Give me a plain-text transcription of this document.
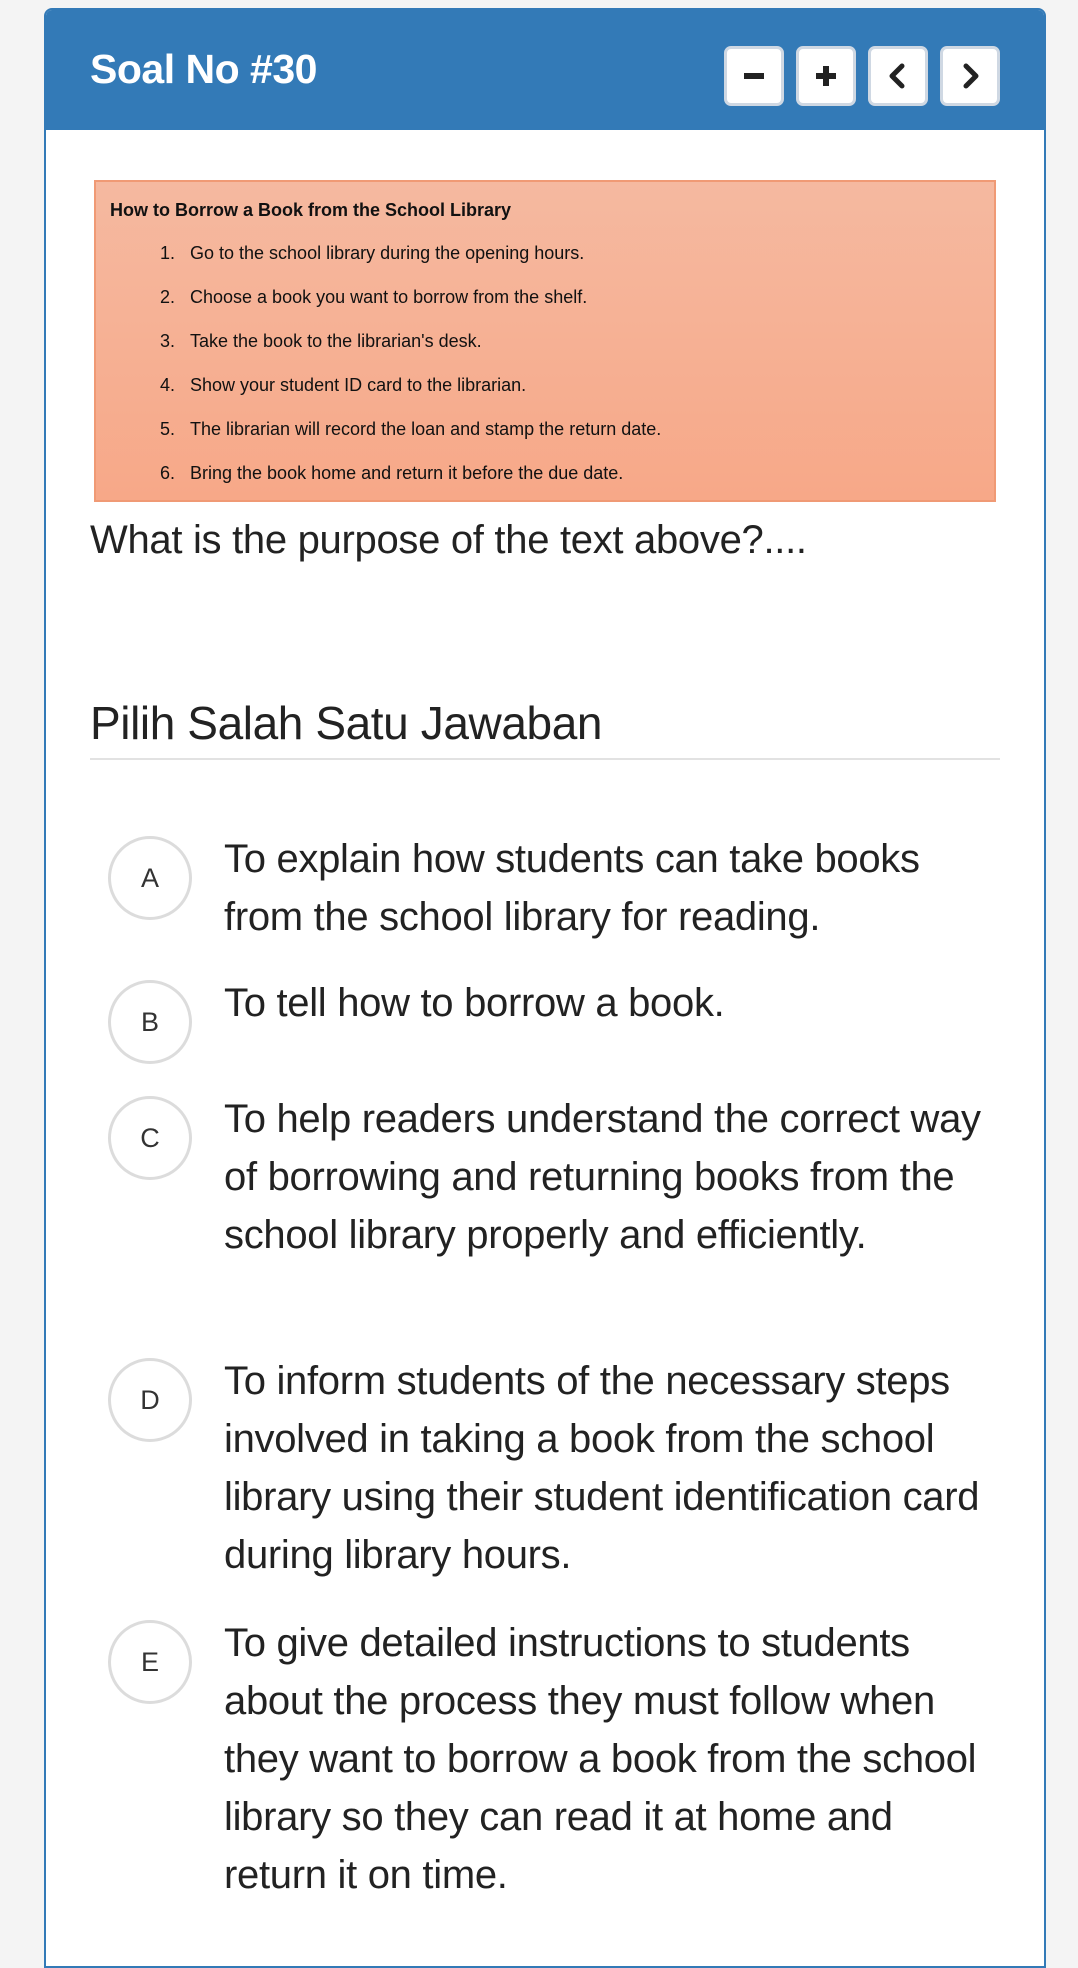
Soal No #30
How to Borrow a Book from the School Library
1. Go to the school library during the opening hours.
2. Choose a book you want to borrow from the shelf.
3. Take the book to the librarian's desk.
4. Show your student ID card to the librarian.
5. The librarian will record the loan and stamp the return date.
6. Bring the book home and return it before the due date.
What is the purpose of the text above?....
Pilih Salah Satu Jawaban
A	To explain how students can take books from the school library for reading.
B	To tell how to borrow a book.
C	To help readers understand the correct way of borrowing and returning books from the school library properly and efficiently.
D	To inform students of the necessary steps involved in taking a book from the school library using their student identification card during library hours.
E	To give detailed instructions to students about the process they must follow when they want to borrow a book from the school library so they can read it at home and return it on time.
